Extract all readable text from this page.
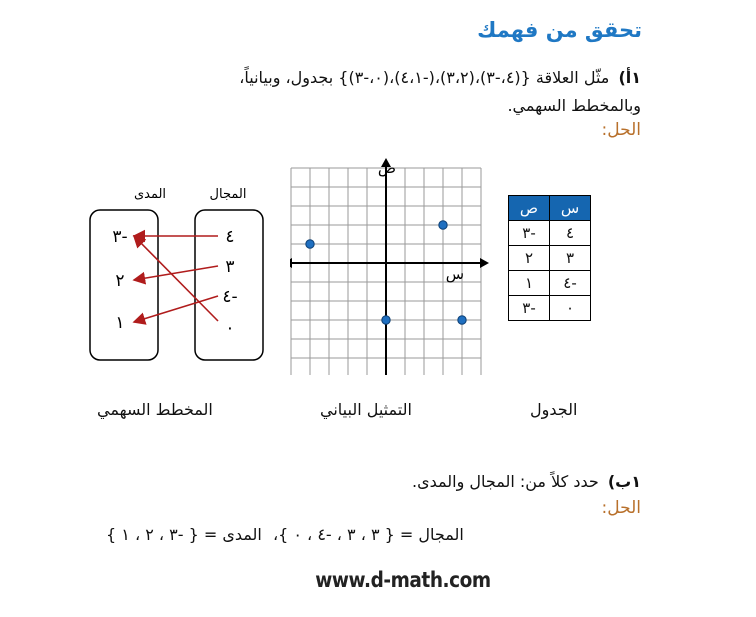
تحقق من فهمك
١أ) مثّل العلاقة {(٤،-٣)،(٣،٢)،(-٤،١)،(٠،-٣)} بجدول، وبيانياً،
وبالمخطط السهمي.
الحل:
س	ص
٤	-٣
٣	٢
-٤	١
٠	-٣
س
ص
المدى	المجال
٤
٣
-٤
٠
-٣
٢
١
الجدول
التمثيل البياني
المخطط السهمي
١ب) حدد كلاً من: المجال والمدى.
الحل:
المجال = { ٣ ، ٣ ، -٤ ، ٠ }، المدى = { -٣ ، ٢ ، ١ }
www.d-math.com
